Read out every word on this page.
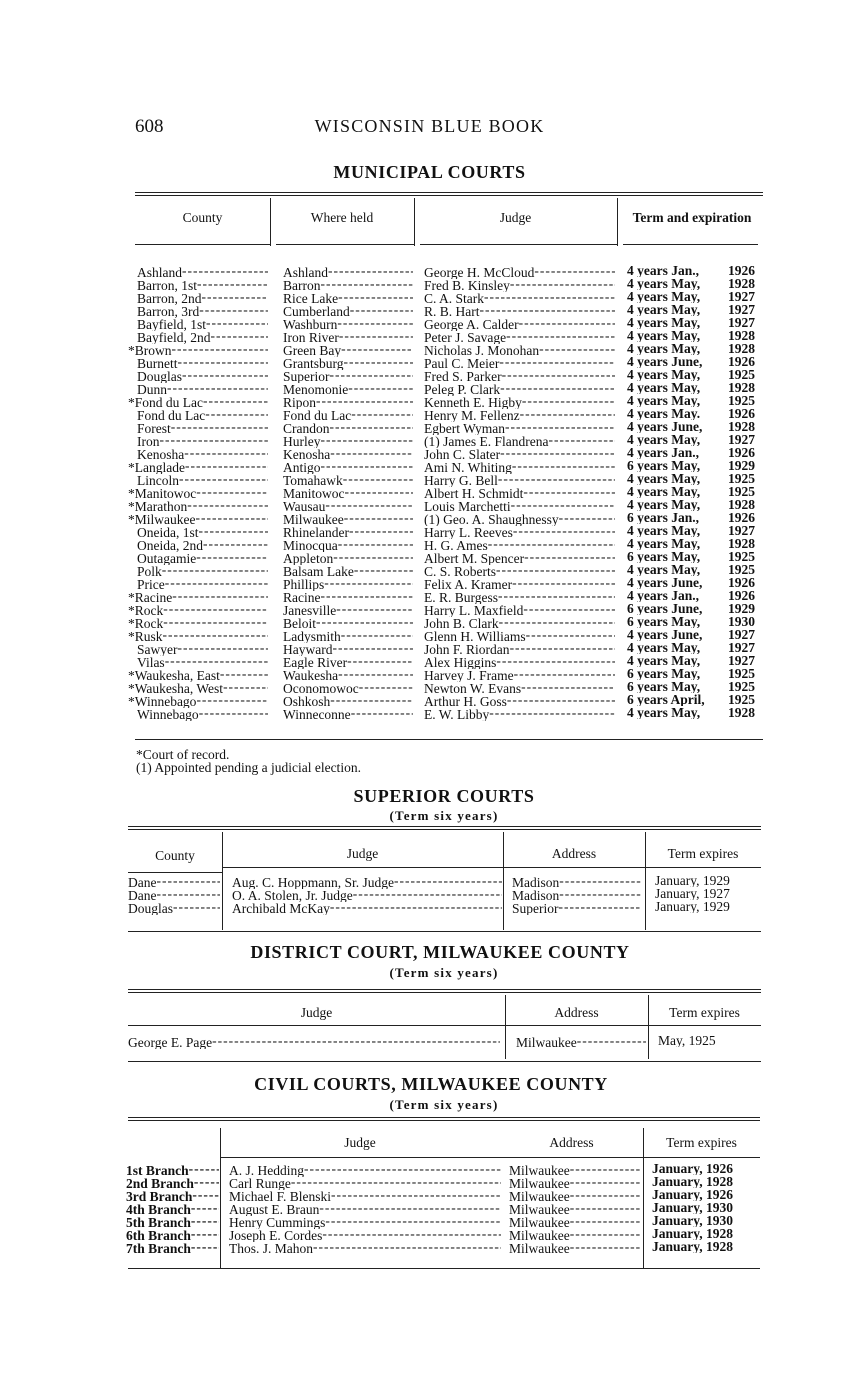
608	WISCONSIN BLUE BOOK
MUNICIPAL COURTS
County	Where held	Judge	Term and expiration
Ashland -----	Ashland -----	George H. McCloud -----	4 years Jan.,	1926
Barron, 1st -----	Barron -----	Fred B. Kinsley -----	4 years May,	1928
Barron, 2nd -----	Rice Lake -----	C. A. Stark -----	4 years May,	1927
Barron, 3rd -----	Cumberland -----	R. B. Hart -----	4 years May,	1927
Bayfield, 1st -----	Washburn -----	George A. Calder -----	4 years May,	1927
Bayfield, 2nd -----	Iron River -----	Peter J. Savage -----	4 years May,	1928
*Brown -----	Green Bay -----	Nicholas J. Monohan -----	4 years May,	1928
Burnett -----	Grantsburg -----	Paul C. Meier -----	4 years June,	1926
Douglas -----	Superior -----	Fred S. Parker -----	4 years May,	1925
Dunn -----	Menomonie -----	Peleg P. Clark -----	4 years May,	1928
*Fond du Lac -----	Ripon -----	Kenneth E. Higby -----	4 years May,	1925
Fond du Lac -----	Fond du Lac -----	Henry M. Fellenz -----	4 years May.	1926
Forest -----	Crandon -----	Egbert Wyman -----	4 years June,	1928
Iron -----	Hurley -----	(1) James E. Flandrena -----	4 years May,	1927
Kenosha -----	Kenosha -----	John C. Slater -----	4 years Jan.,	1926
*Langlade -----	Antigo -----	Ami N. Whiting -----	6 years May,	1929
Lincoln -----	Tomahawk -----	Harry G. Bell -----	4 years May,	1925
*Manitowoc -----	Manitowoc -----	Albert H. Schmidt -----	4 years May,	1925
*Marathon -----	Wausau -----	Louis Marchetti -----	4 years May,	1928
*Milwaukee -----	Milwaukee -----	(1) Geo. A. Shaughnessy -----	6 years Jan.,	1926
Oneida, 1st -----	Rhinelander -----	Harry L. Reeves -----	4 years May,	1927
Oneida, 2nd -----	Minocqua -----	H. G. Ames -----	4 years May,	1928
Outagamie -----	Appleton -----	Albert M. Spencer -----	6 years May,	1925
Polk -----	Balsam Lake -----	C. S. Roberts -----	4 years May,	1925
Price -----	Phillips -----	Felix A. Kramer -----	4 years June,	1926
*Racine -----	Racine -----	E. R. Burgess -----	4 years Jan.,	1926
*Rock -----	Janesville -----	Harry L. Maxfield -----	6 years June,	1929
*Rock -----	Beloit -----	John B. Clark -----	6 years May,	1930
*Rusk -----	Ladysmith -----	Glenn H. Williams -----	4 years June,	1927
Sawyer -----	Hayward -----	John F. Riordan -----	4 years May,	1927
Vilas -----	Eagle River -----	Alex Higgins -----	4 years May,	1927
*Waukesha, East -----	Waukesha -----	Harvey J. Frame -----	6 years May,	1925
*Waukesha, West -----	Oconomowoc -----	Newton W. Evans -----	6 years May,	1925
*Winnebago -----	Oshkosh -----	Arthur H. Goss -----	6 years April,	1925
Winnebago -----	Winneconne -----	E. W. Libby -----	4 years May,	1928
*Court of record.
(1) Appointed pending a judicial election.
SUPERIOR COURTS
(Term six years)
County	Judge	Address	Term expires
Dane -----	Aug. C. Hoppmann, Sr. Judge -----	Madison -----	January, 1929
Dane -----	O. A. Stolen, Jr. Judge -----	Madison -----	January, 1927
Douglas -----	Archibald McKay -----	Superior -----	January, 1929
DISTRICT COURT, MILWAUKEE COUNTY
(Term six years)
Judge	Address	Term expires
George E. Page -----	Milwaukee -----	May, 1925
CIVIL COURTS, MILWAUKEE COUNTY
(Term six years)
Judge	Address	Term expires
1st Branch -----	A. J. Hedding -----	Milwaukee -----	January, 1926
2nd Branch -----	Carl Runge -----	Milwaukee -----	January, 1928
3rd Branch -----	Michael F. Blenski -----	Milwaukee -----	January, 1926
4th Branch -----	August E. Braun -----	Milwaukee -----	January, 1930
5th Branch -----	Henry Cummings -----	Milwaukee -----	January, 1930
6th Branch -----	Joseph E. Cordes -----	Milwaukee -----	January, 1928
7th Branch -----	Thos. J. Mahon -----	Milwaukee -----	January, 1928
